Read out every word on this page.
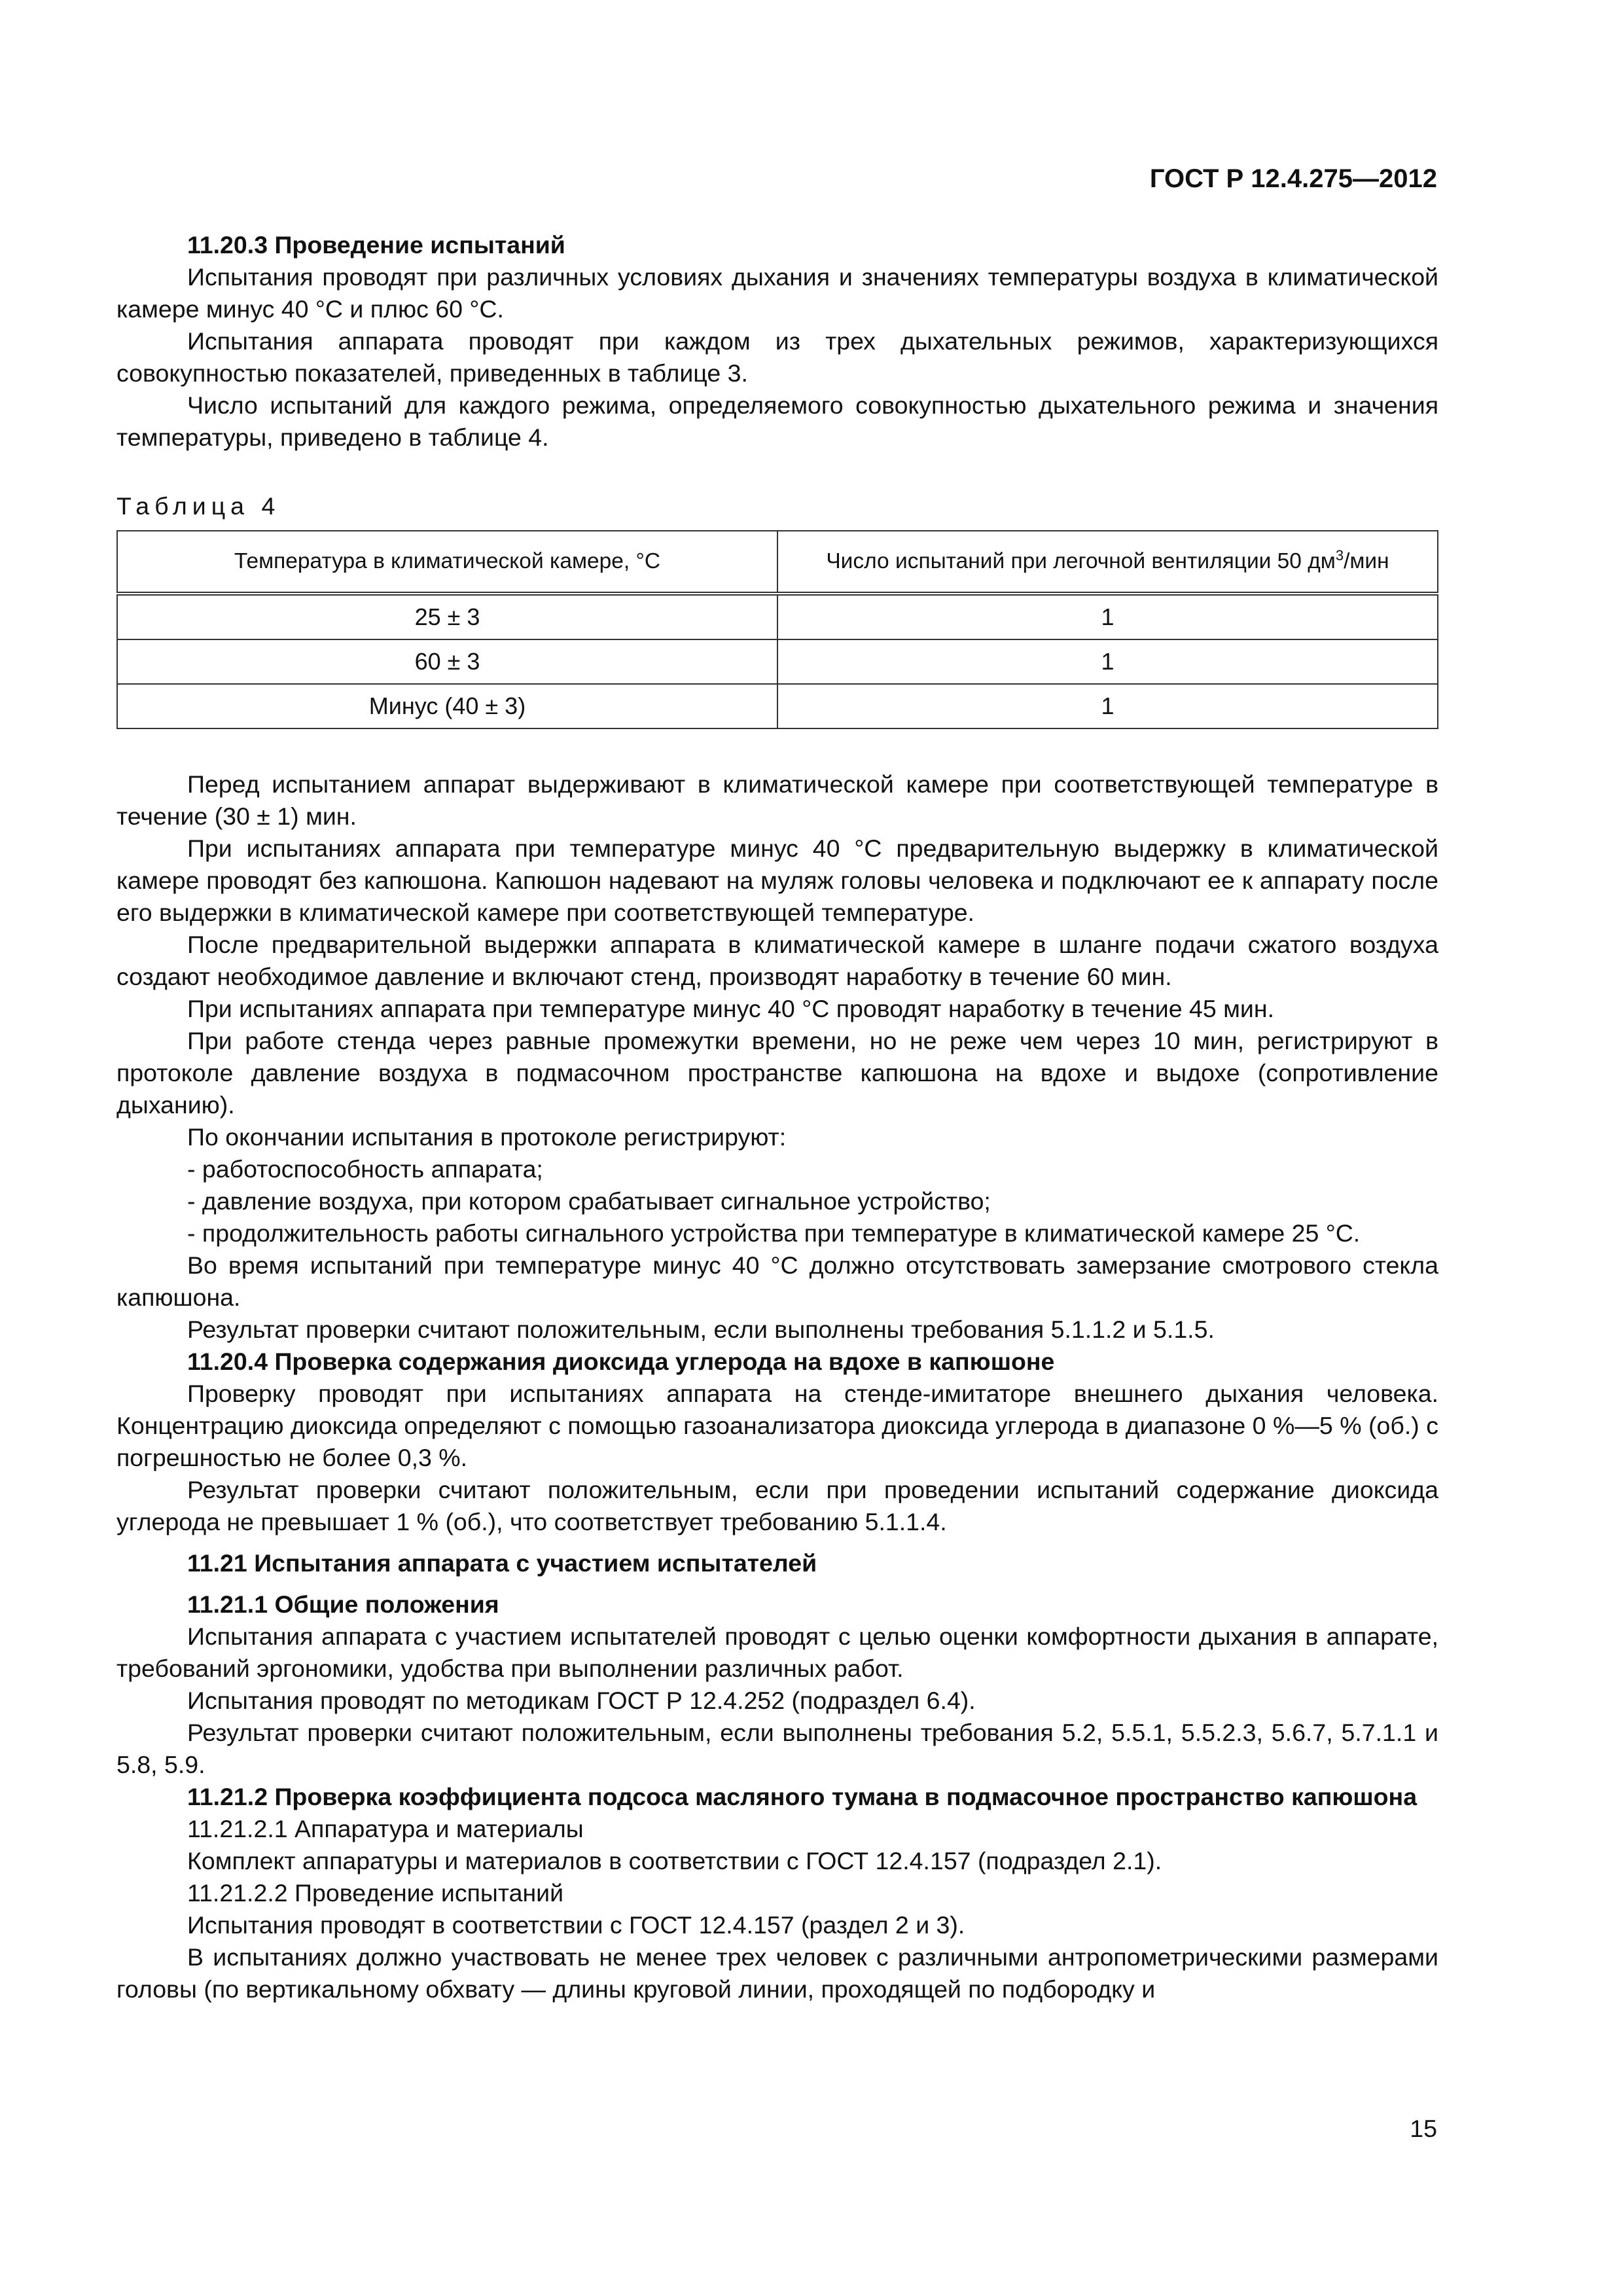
ГОСТ Р 12.4.275—2012

11.20.3 Проведение испытаний

Испытания проводят при различных условиях дыхания и значениях температуры воздуха в климатической камере минус 40 °С и плюс 60 °С.

Испытания аппарата проводят при каждом из трех дыхательных режимов, характеризующихся совокупностью показателей, приведенных в таблице 3.

Число испытаний для каждого режима, определяемого совокупностью дыхательного режима и значения температуры, приведено в таблице 4.

Таблица 4

Температура в климатической камере, °С	Число испытаний при легочной вентиляции 50 $дм^3$/мин
25 ± 3	1
60 ± 3	1
Минус (40 ± 3)	1

Перед испытанием аппарат выдерживают в климатической камере при соответствующей температуре в течение (30 ± 1) мин.

При испытаниях аппарата при температуре минус 40 °С предварительную выдержку в климатической камере проводят без капюшона. Капюшон надевают на муляж головы человека и подключают ее к аппарату после его выдержки в климатической камере при соответствующей температуре.

После предварительной выдержки аппарата в климатической камере в шланге подачи сжатого воздуха создают необходимое давление и включают стенд, производят наработку в течение 60 мин.

При испытаниях аппарата при температуре минус 40 °С проводят наработку в течение 45 мин.

При работе стенда через равные промежутки времени, но не реже чем через 10 мин, регистрируют в протоколе давление воздуха в подмасочном пространстве капюшона на вдохе и выдохе (сопротивление дыханию).

По окончании испытания в протоколе регистрируют:

- работоспособность аппарата;

- давление воздуха, при котором срабатывает сигнальное устройство;

- продолжительность работы сигнального устройства при температуре в климатической камере 25 °С.

Во время испытаний при температуре минус 40 °С должно отсутствовать замерзание смотрового стекла капюшона.

Результат проверки считают положительным, если выполнены требования 5.1.1.2 и 5.1.5.

11.20.4 Проверка содержания диоксида углерода на вдохе в капюшоне

Проверку проводят при испытаниях аппарата на стенде-имитаторе внешнего дыхания человека. Концентрацию диоксида определяют с помощью газоанализатора диоксида углерода в диапазоне 0 %—5 % (об.) с погрешностью не более 0,3 %.

Результат проверки считают положительным, если при проведении испытаний содержание диоксида углерода не превышает 1 % (об.), что соответствует требованию 5.1.1.4.

11.21 Испытания аппарата с участием испытателей

11.21.1 Общие положения

Испытания аппарата с участием испытателей проводят с целью оценки комфортности дыхания в аппарате, требований эргономики, удобства при выполнении различных работ.

Испытания проводят по методикам ГОСТ Р 12.4.252 (подраздел 6.4).

Результат проверки считают положительным, если выполнены требования 5.2, 5.5.1, 5.5.2.3, 5.6.7, 5.7.1.1 и 5.8, 5.9.

11.21.2 Проверка коэффициента подсоса масляного тумана в подмасочное пространство капюшона

11.21.2.1 Аппаратура и материалы

Комплект аппаратуры и материалов в соответствии с ГОСТ 12.4.157 (подраздел 2.1).

11.21.2.2 Проведение испытаний

Испытания проводят в соответствии с ГОСТ 12.4.157 (раздел 2 и 3).

В испытаниях должно участвовать не менее трех человек с различными антропометрическими размерами головы (по вертикальному обхвату — длины круговой линии, проходящей по подбородку и

15
